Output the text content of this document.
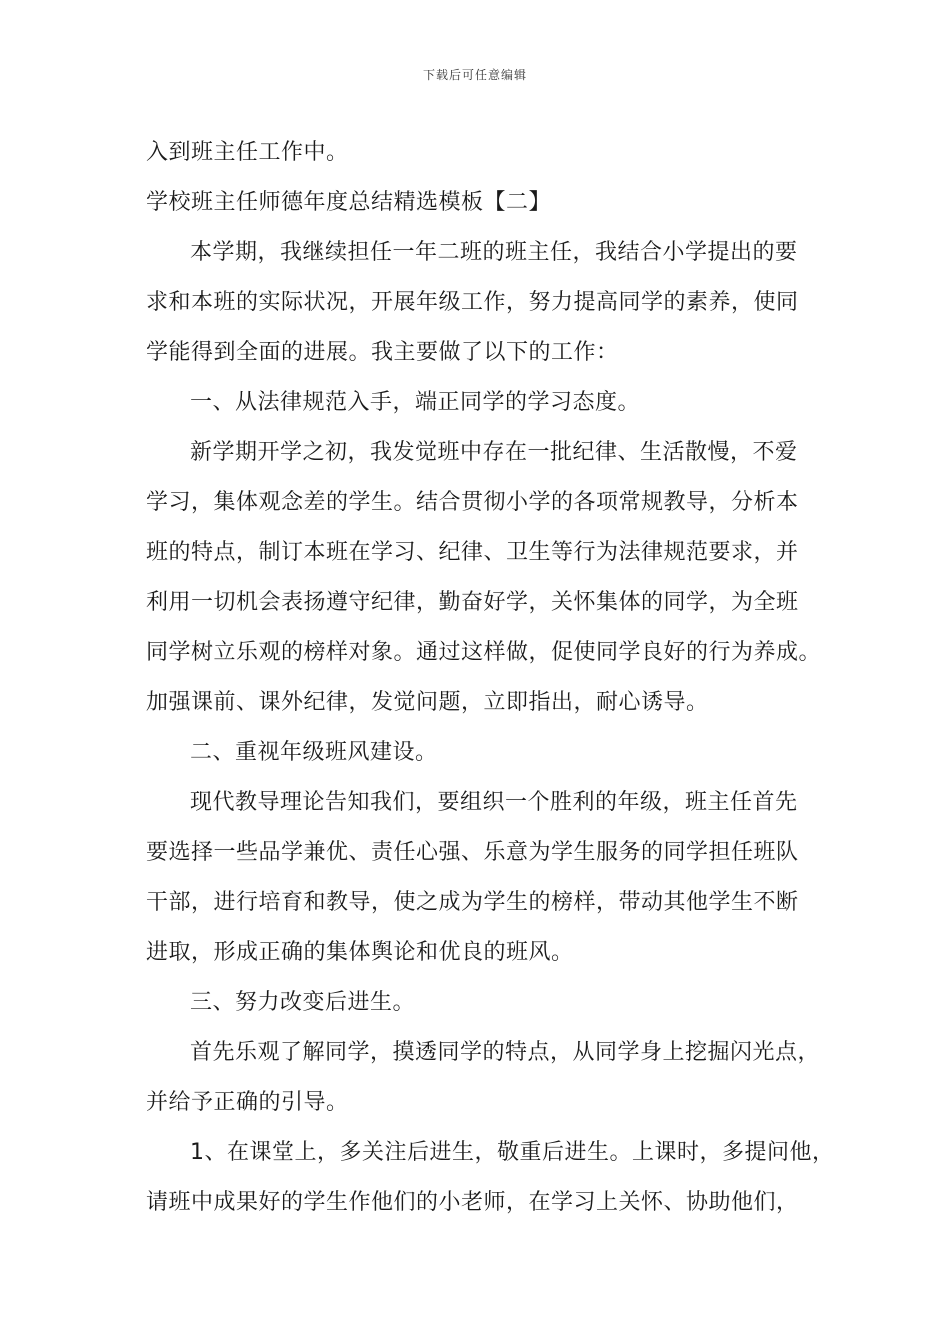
下载后可任意编辑
入到班主任工作中。
学校班主任师德年度总结精选模板【二】
本学期，我继续担任一年二班的班主任，我结合小学提出的要
求和本班的实际状况，开展年级工作，努力提高同学的素养，使同
学能得到全面的进展。我主要做了以下的工作：
一、从法律规范入手，端正同学的学习态度。
新学期开学之初，我发觉班中存在一批纪律、生活散慢，不爱
学习，集体观念差的学生。结合贯彻小学的各项常规教导，分析本
班的特点，制订本班在学习、纪律、卫生等行为法律规范要求，并
利用一切机会表扬遵守纪律，勤奋好学，关怀集体的同学，为全班
同学树立乐观的榜样对象。通过这样做，促使同学良好的行为养成。
加强课前、课外纪律，发觉问题，立即指出，耐心诱导。
二、重视年级班风建设。
现代教导理论告知我们，要组织一个胜利的年级，班主任首先
要选择一些品学兼优、责任心强、乐意为学生服务的同学担任班队
干部，进行培育和教导，使之成为学生的榜样，带动其他学生不断
进取，形成正确的集体舆论和优良的班风。
三、努力改变后进生。
首先乐观了解同学，摸透同学的特点，从同学身上挖掘闪光点，
并给予正确的引导。
1、在课堂上，多关注后进生，敬重后进生。上课时，多提问他，
请班中成果好的学生作他们的小老师，在学习上关怀、协助他们，
